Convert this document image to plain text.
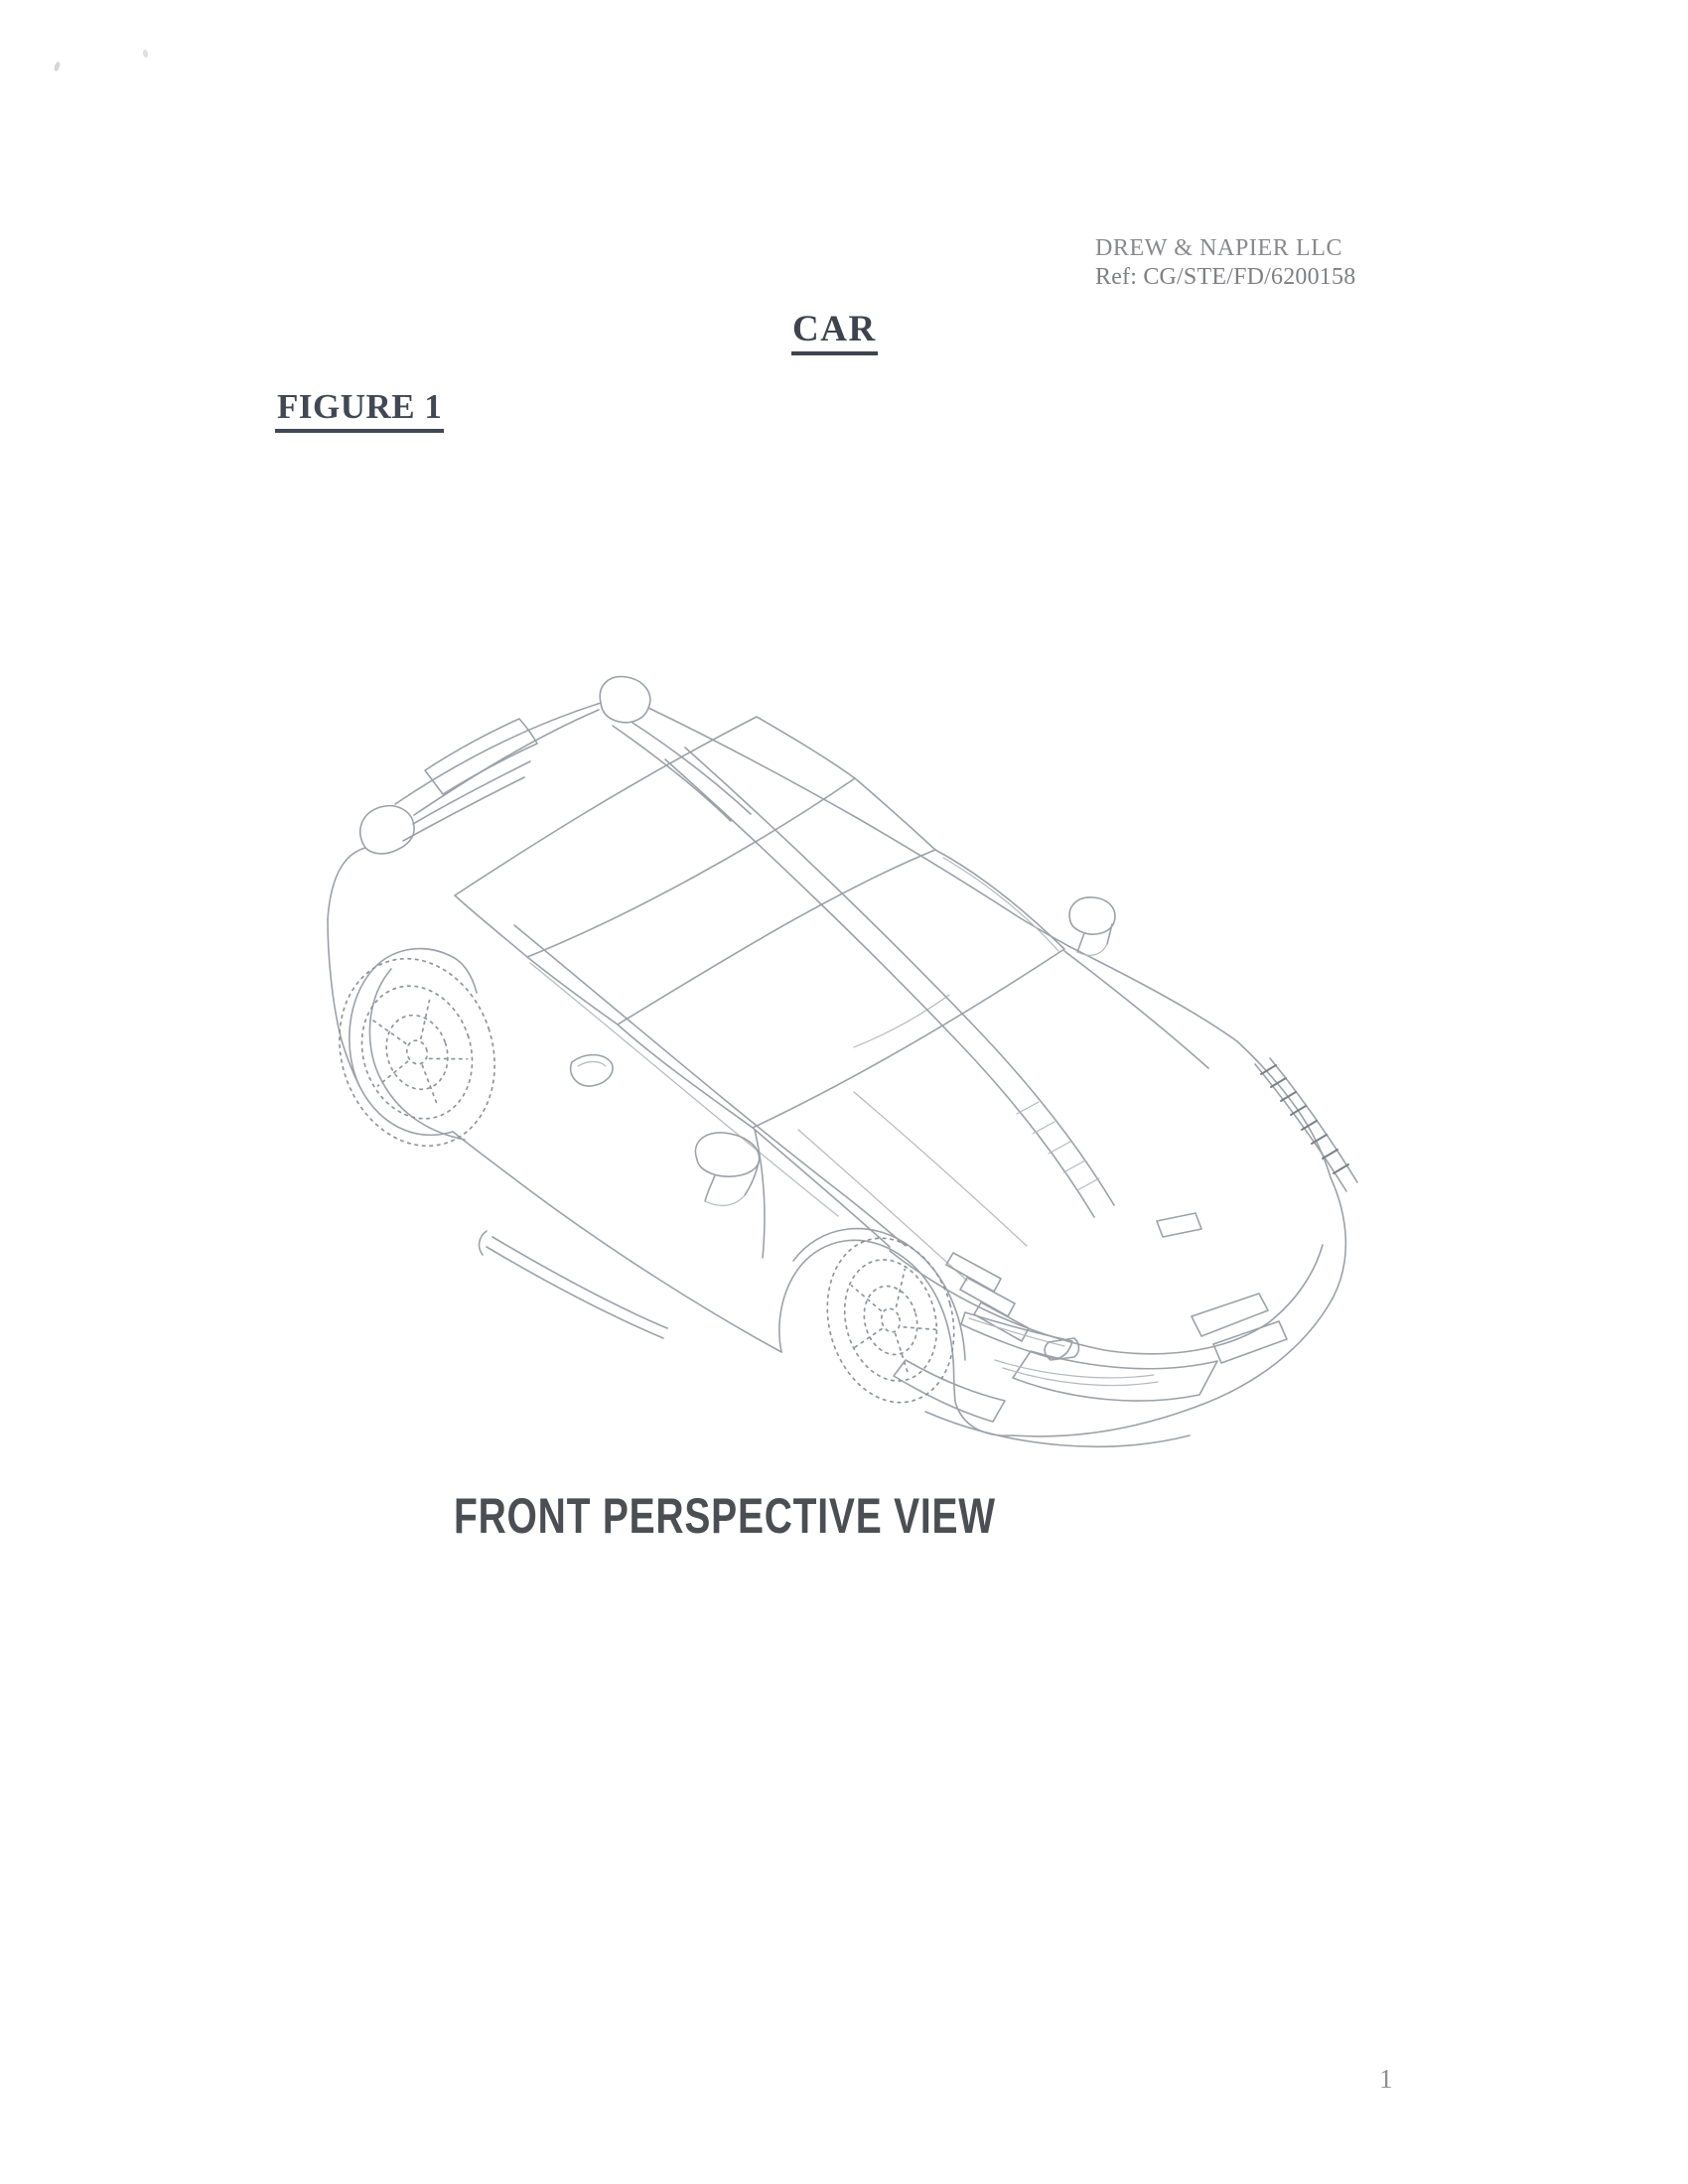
DREW & NAPIER LLC
Ref: CG/STE/FD/6200158
CAR
FIGURE 1
FRONT PERSPECTIVE VIEW
1
